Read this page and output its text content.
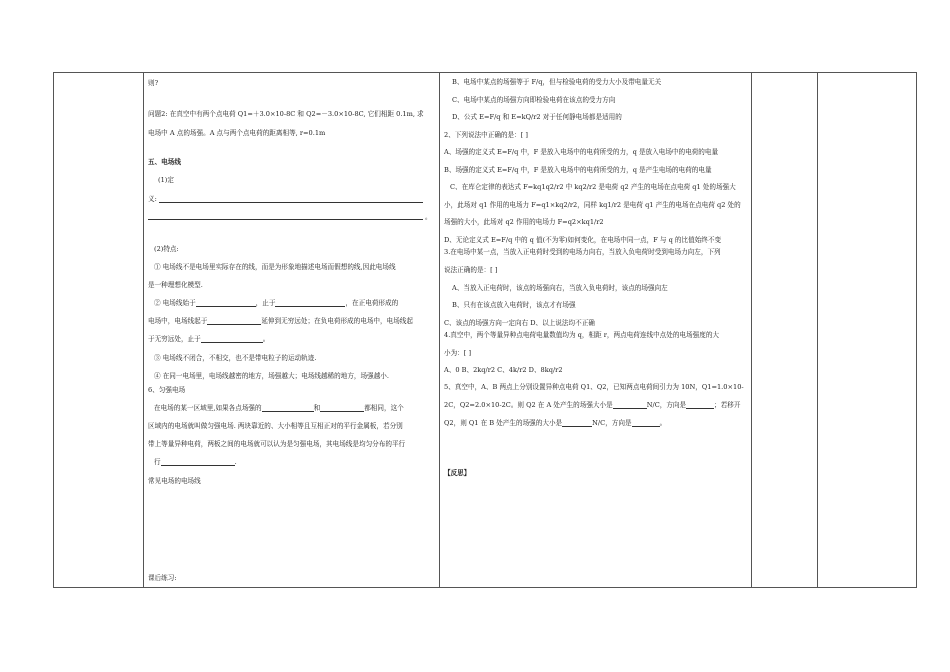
则?
问题2: 在真空中有两个点电荷 Q1=＋3.0×10-8C 和 Q2=－3.0×10-8C, 它们相距 0.1m, 求
电场中 A 点的场强。A 点与两个点电荷的距离相等, r=0.1m
五、电场线
(1)定
义:
。
(2)特点:
① 电场线不是电场里实际存在的线，而是为形象地描述电场而假想的线,因此电场线
是一种理想化模型.
② 电场线始于	，止于	，在正电荷形成的
电场中，电场线起于	延伸到无穷远处；在负电荷形成的电场中，电场线起
于无穷远处，止于	。
③ 电场线不闭合，不相交，也不是带电粒子的运动轨迹.
④ 在同一电场里，电场线越密的地方，场强越大；电场线越稀的地方，场强越小.
6、匀强电场
在电场的某一区域里,如果各点场强的	和	都相同，这个
区域内的电场就叫做匀强电场. 两块靠近的、大小相等且互相正对的平行金属板，若分别
带上等量异种电荷，两板之间的电场就可以认为是匀强电场，其电场线是均匀分布的平行
行	.
常见电场的电场线
课后练习:
B、电场中某点的场强等于 F/q，但与检验电荷的受力大小及带电量无关
C、电场中某点的场强方向即检验电荷在该点的受力方向
D、公式 E=F/q 和 E=kQ/r2 对于任何静电场都是适用的
2、下列说法中正确的是：[ ]
A、场强的定义式 E=F/q 中，F 是放入电场中的电荷所受的力，q 是放入电场中的电荷的电量
B、场强的定义式 E=F/q 中，F 是放入电场中的电荷所受的力，q 是产生电场的电荷的电量
C、在库仑定律的表达式 F=kq1q2/r2 中 kq2/r2 是电荷 q2 产生的电场在点电荷 q1 处的场强大
小，此场对 q1 作用的电场力 F=q1×kq2/r2，同样 kq1/r2 是电荷 q1 产生的电场在点电荷 q2 处的
场强的大小，此场对 q2 作用的电场力 F=q2×kq1/r2
D、无论定义式 E=F/q 中的 q 值(不为零)如何变化，在电场中同一点，F 与 q 的比值始终不变
3.在电场中某一点，当放入正电荷时受到的电场力向右，当放入负电荷时受到电场力向左，下列
说法正确的是：[ ]
A、当放入正电荷时，该点的场强向右，当放入负电荷时，该点的场强向左
B、只有在该点放入电荷时，该点才有场强
C、该点的场强方向一定向右 D、以上说法均不正确
4.真空中，两个等量异种点电荷电量数值均为 q，相距 r，两点电荷连线中点处的电场强度的大
小为：[ ]
A、0 B、2kq/r2 C、4k/r2 D、8kq/r2
5、真空中，A、B 两点上分别设置异种点电荷 Q1、Q2，已知两点电荷间引力为 10N，Q1=1.0×10-
2C，Q2=2.0×10-2C。则 Q2 在 A 处产生的场强大小是	N/C，方向是	；若移开
Q2，则 Q1 在 B 处产生的场强的大小是	N/C，方向是	。
【反思】
